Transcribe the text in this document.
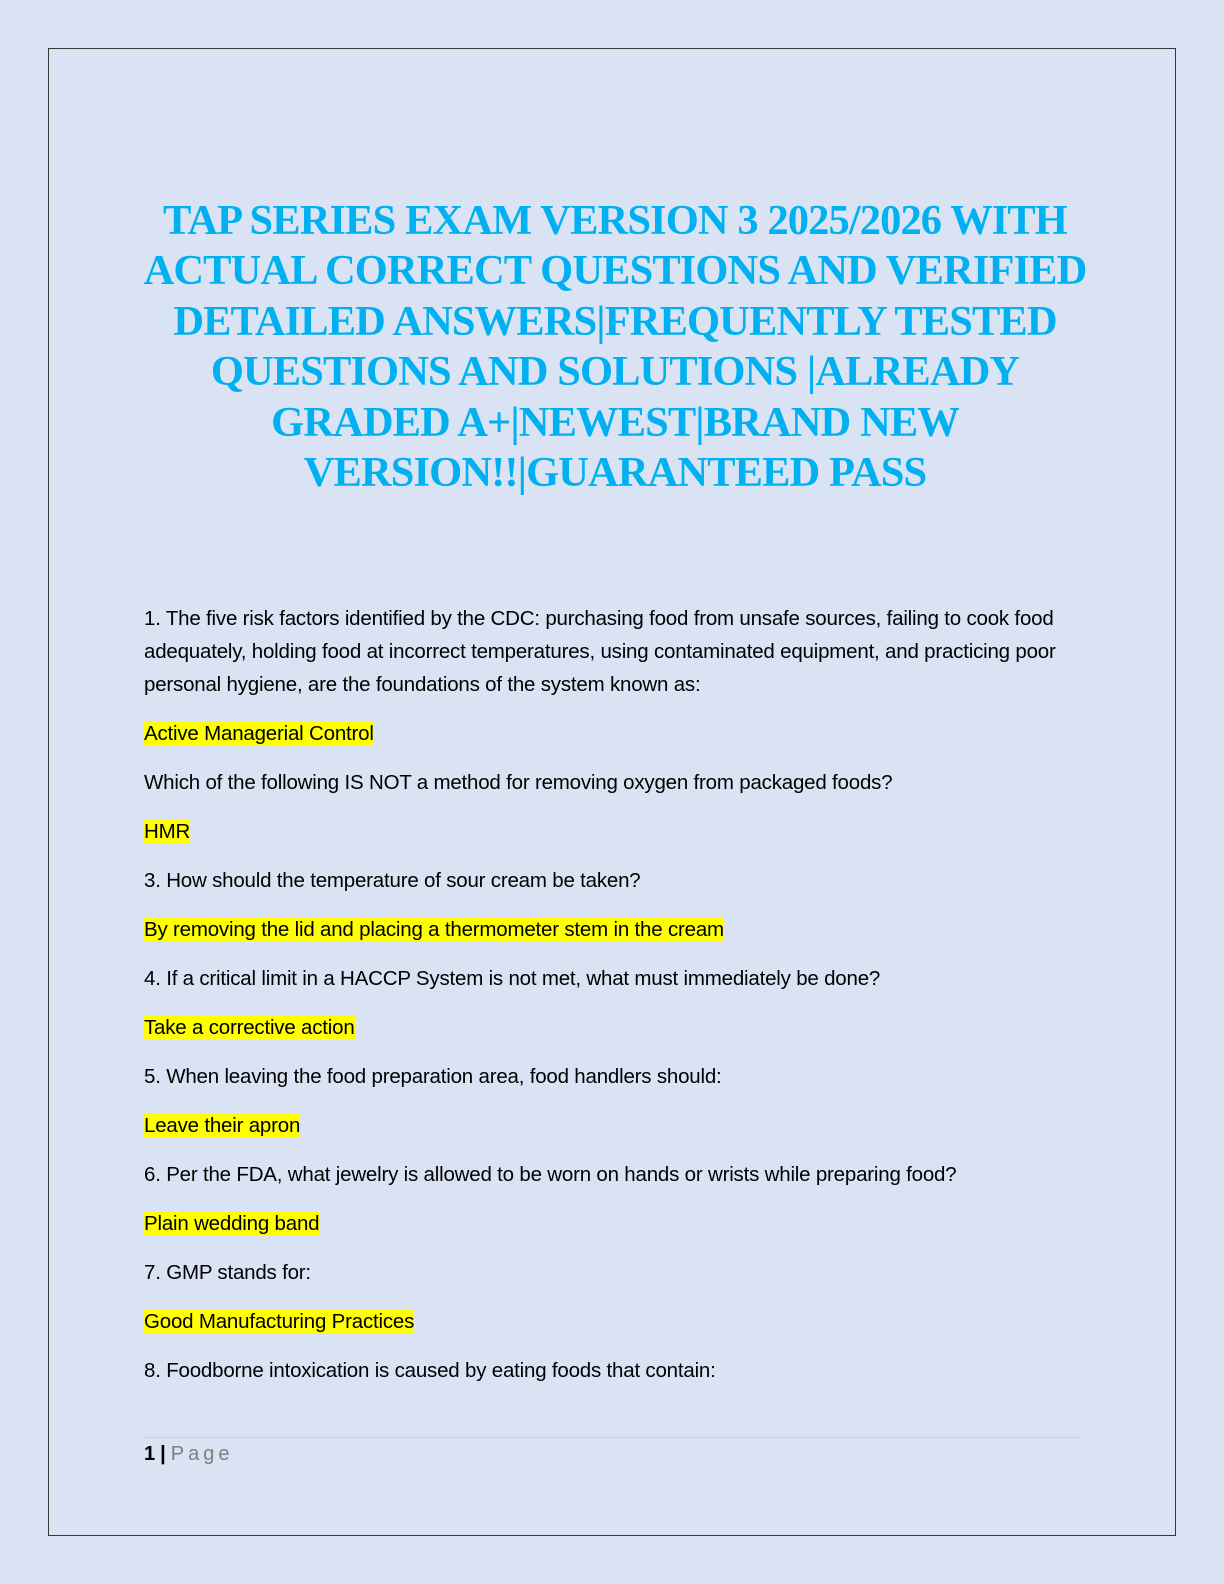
TAP SERIES EXAM VERSION 3 2025/2026 WITH ACTUAL CORRECT QUESTIONS AND VERIFIED DETAILED ANSWERS|FREQUENTLY TESTED QUESTIONS AND SOLUTIONS |ALREADY GRADED A+|NEWEST|BRAND NEW VERSION!!|GUARANTEED PASS

1. The five risk factors identified by the CDC: purchasing food from unsafe sources, failing to cook food adequately, holding food at incorrect temperatures, using contaminated equipment, and practicing poor personal hygiene, are the foundations of the system known as:

Active Managerial Control

Which of the following IS NOT a method for removing oxygen from packaged foods?

HMR

3. How should the temperature of sour cream be taken?

By removing the lid and placing a thermometer stem in the cream

4. If a critical limit in a HACCP System is not met, what must immediately be done?

Take a corrective action

5. When leaving the food preparation area, food handlers should:

Leave their apron

6. Per the FDA, what jewelry is allowed to be worn on hands or wrists while preparing food?

Plain wedding band

7. GMP stands for:

Good Manufacturing Practices

8. Foodborne intoxication is caused by eating foods that contain:

1 | Page
